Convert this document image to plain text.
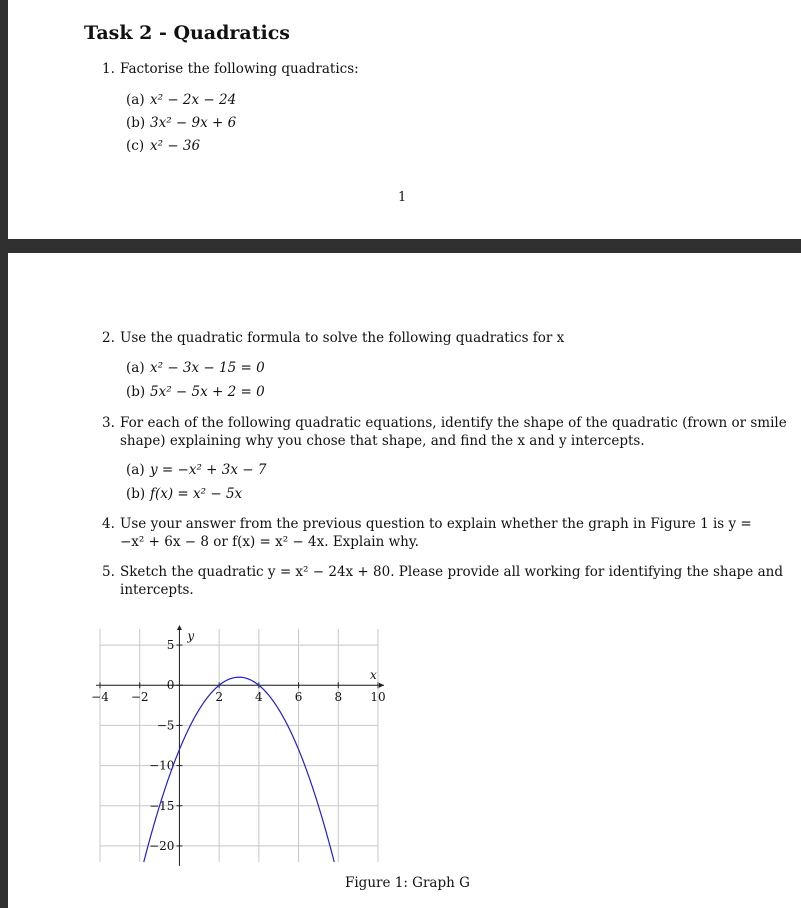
Task 2 - Quadratics
1. Factorise the following quadratics:
(a) x² − 2x − 24
(b) 3x² − 9x + 6
(c) x² − 36
1
2. Use the quadratic formula to solve the following quadratics for x
(a) x² − 3x − 15 = 0
(b) 5x² − 5x + 2 = 0
3. For each of the following quadratic equations, identify the shape of the quadratic (frown or smile
shape) explaining why you chose that shape, and find the x and y intercepts.
(a) y = −x² + 3x − 7
(b) f(x) = x² − 5x
4. Use your answer from the previous question to explain whether the graph in Figure 1 is y =
−x² + 6x − 8 or f(x) = x² − 4x. Explain why.
5. Sketch the quadratic y = x² − 24x + 80. Please provide all working for identifying the shape and
intercepts.
−4 −2	2	4	6	8 10
5
0
−5
−10
−15
−20
x
y
Figure 1: Graph G
